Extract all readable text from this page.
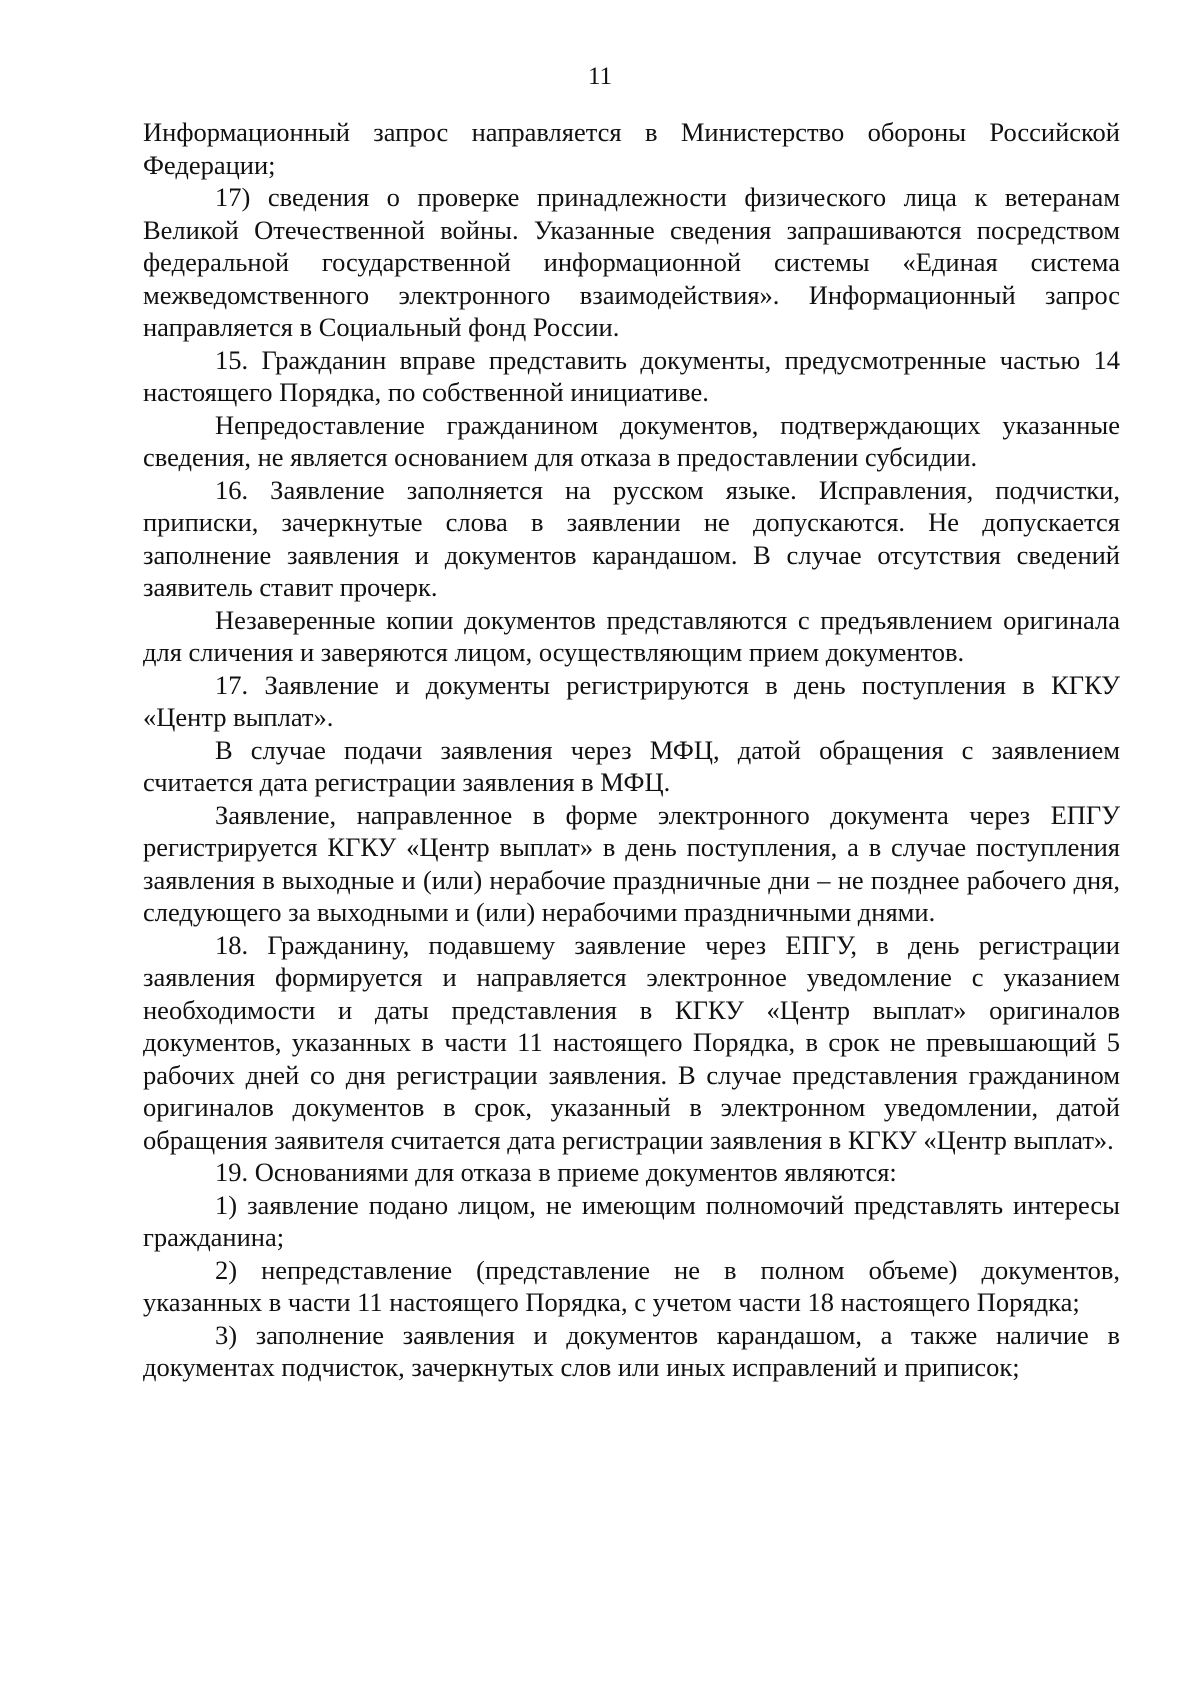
11

Информационный запрос направляется в Министерство обороны Российской Федерации;

17) сведения о проверке принадлежности физического лица к ветеранам Великой Отечественной войны. Указанные сведения запрашиваются посредством федеральной государственной информационной системы «Единая система межведомственного электронного взаимодействия». Информационный запрос направляется в Социальный фонд России.

15. Гражданин вправе представить документы, предусмотренные частью 14 настоящего Порядка, по собственной инициативе.

Непредоставление гражданином документов, подтверждающих указанные сведения, не является основанием для отказа в предоставлении субсидии.

16. Заявление заполняется на русском языке. Исправления, подчистки, приписки, зачеркнутые слова в заявлении не допускаются. Не допускается заполнение заявления и документов карандашом. В случае отсутствия сведений заявитель ставит прочерк.

Незаверенные копии документов представляются с предъявлением оригинала для сличения и заверяются лицом, осуществляющим прием документов.

17. Заявление и документы регистрируются в день поступления в КГКУ «Центр выплат».

В случае подачи заявления через МФЦ, датой обращения с заявлением считается дата регистрации заявления в МФЦ.

Заявление, направленное в форме электронного документа через ЕПГУ регистрируется КГКУ «Центр выплат» в день поступления, а в случае поступления заявления в выходные и (или) нерабочие праздничные дни – не позднее рабочего дня, следующего за выходными и (или) нерабочими праздничными днями.

18. Гражданину, подавшему заявление через ЕПГУ, в день регистрации заявления формируется и направляется электронное уведомление с указанием необходимости и даты представления в КГКУ «Центр выплат» оригиналов документов, указанных в части 11 настоящего Порядка, в срок не превышающий 5 рабочих дней со дня регистрации заявления. В случае представления гражданином оригиналов документов в срок, указанный в электронном уведомлении, датой обращения заявителя считается дата регистрации заявления в КГКУ «Центр выплат».

19. Основаниями для отказа в приеме документов являются:

1) заявление подано лицом, не имеющим полномочий представлять интересы гражданина;

2) непредставление (представление не в полном объеме) документов, указанных в части 11 настоящего Порядка, с учетом части 18 настоящего Порядка;

3) заполнение заявления и документов карандашом, а также наличие в документах подчисток, зачеркнутых слов или иных исправлений и приписок;
